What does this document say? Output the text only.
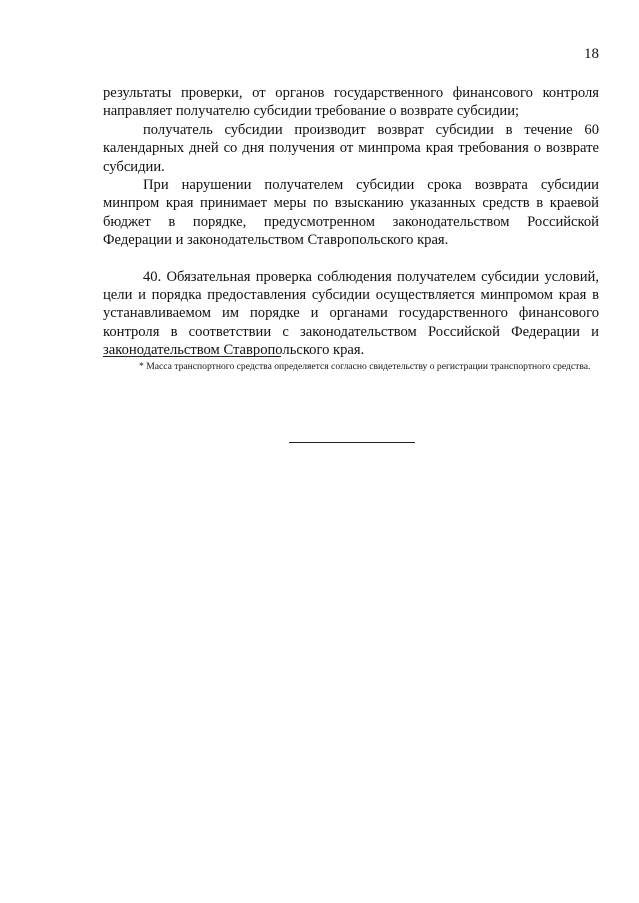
18

результаты проверки, от органов государственного финансового контроля направляет получателю субсидии требование о возврате субсидии;

получатель субсидии производит возврат субсидии в течение 60 календарных дней со дня получения от минпрома края требования о возврате субсидии.

При нарушении получателем субсидии срока возврата субсидии минпром края принимает меры по взысканию указанных средств в краевой бюджет в порядке, предусмотренном законодательством Российской Федерации и законодательством Ставропольского края.

40. Обязательная проверка соблюдения получателем субсидии условий, цели и порядка предоставления субсидии осуществляется минпромом края в устанавливаемом им порядке и органами государственного финансового контроля в соответствии с законодательством Российской Федерации и законодательством Ставропольского края.

* Масса транспортного средства определяется согласно свидетельству о регистрации транспортного средства.
